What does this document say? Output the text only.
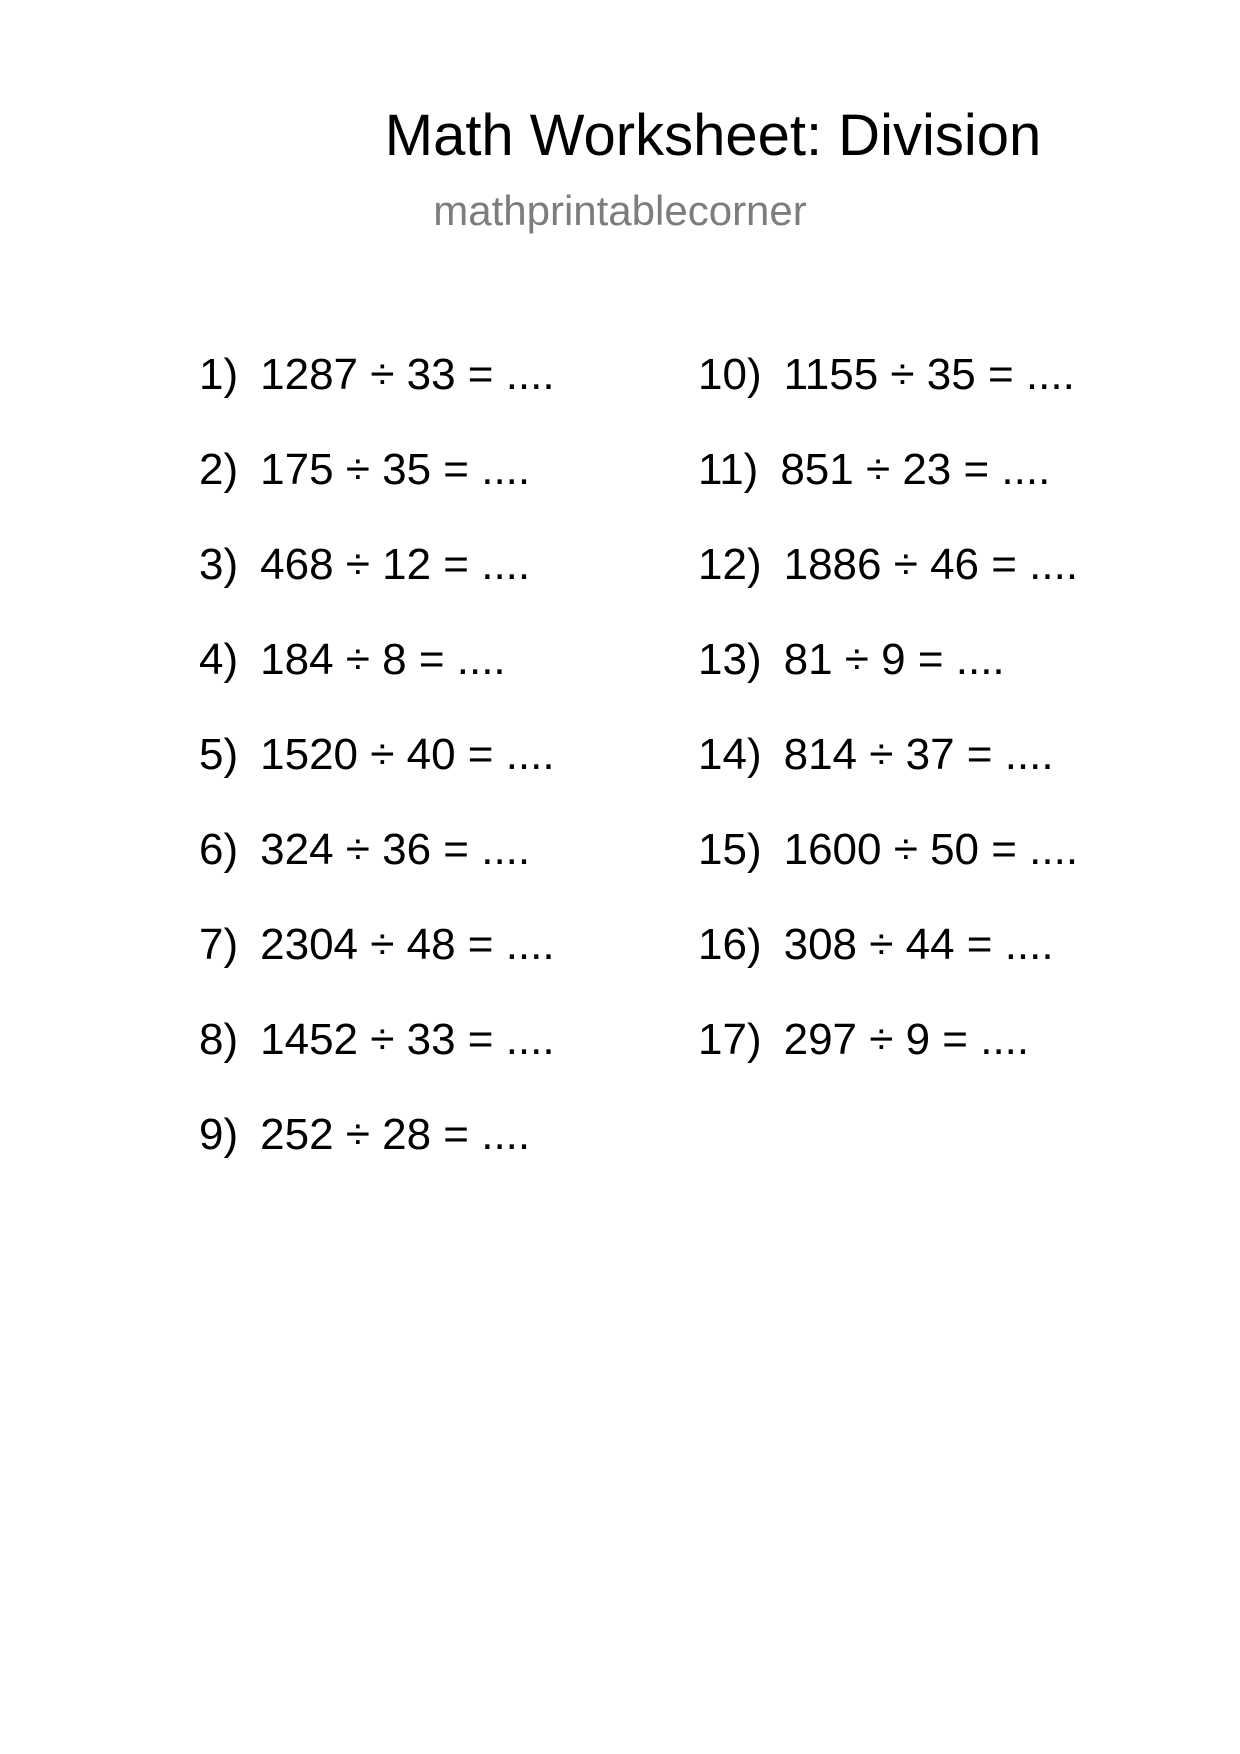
Math Worksheet: Division
mathprintablecorner
1) 1287 ÷ 33 = ....
2) 175 ÷ 35 = ....
3) 468 ÷ 12 = ....
4) 184 ÷ 8 = ....
5) 1520 ÷ 40 = ....
6) 324 ÷ 36 = ....
7) 2304 ÷ 48 = ....
8) 1452 ÷ 33 = ....
9) 252 ÷ 28 = ....
10) 1155 ÷ 35 = ....
11) 851 ÷ 23 = ....
12) 1886 ÷ 46 = ....
13) 81 ÷ 9 = ....
14) 814 ÷ 37 = ....
15) 1600 ÷ 50 = ....
16) 308 ÷ 44 = ....
17) 297 ÷ 9 = ....
